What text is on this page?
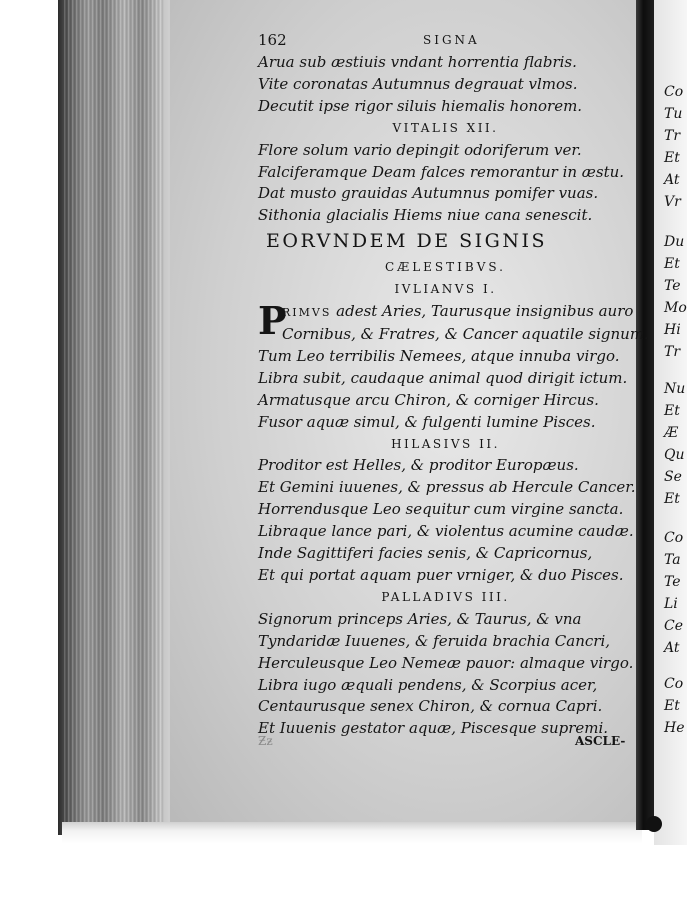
162	SIGNA
Arua sub æstiuis vndant horrentia flabris.
Vite coronatas Autumnus degrauat vlmos.
Decutit ipse rigor siluis hiemalis honorem.
VITALIS XII.
Flore solum vario depingit odoriferum ver.
Falciferamque Deam falces remorantur in æstu.
Dat musto grauidas Autumnus pomifer vuas.
Sithonia glacialis Hiems niue cana senescit.
EORVNDEM DE SIGNIS
CÆLESTIBVS.
IVLIANVS I.
P
RIMVS adest Aries, Taurusque insignibus auro
Cornibus, & Fratres, & Cancer aquatile signum.
Tum Leo terribilis Nemees, atque innuba virgo.
Libra subit, caudaque animal quod dirigit ictum.
Armatusque arcu Chiron, & corniger Hircus.
Fusor aquæ simul, & fulgenti lumine Pisces.
HILASIVS II.
Proditor est Helles, & proditor Europæus.
Et Gemini iuuenes, & pressus ab Hercule Cancer.
Horrendusque Leo sequitur cum virgine sancta.
Libraque lance pari, & violentus acumine caudæ.
Inde Sagittiferi facies senis, & Capricornus,
Et qui portat aquam puer vrniger, & duo Pisces.
PALLADIVS III.
Signorum princeps Aries, & Taurus, & vna
Tyndaridæ Iuuenes, & feruida brachia Cancri,
Herculeusque Leo Nemeæ pauor: almaque virgo.
Libra iugo æquali pendens, & Scorpius acer,
Centaurusque senex Chiron, & cornua Capri.
Et Iuuenis gestator aquæ, Piscesque supremi.
Ƶƶ	ASCLE-
Co
Tu
Tr
Et
At
Vr
Du
Et
Te
Mo
Hi
Tr
Nu
Et
Æ
Qu
Se
Et
Co
Ta
Te
Li
Ce
At
Co
Et
He
